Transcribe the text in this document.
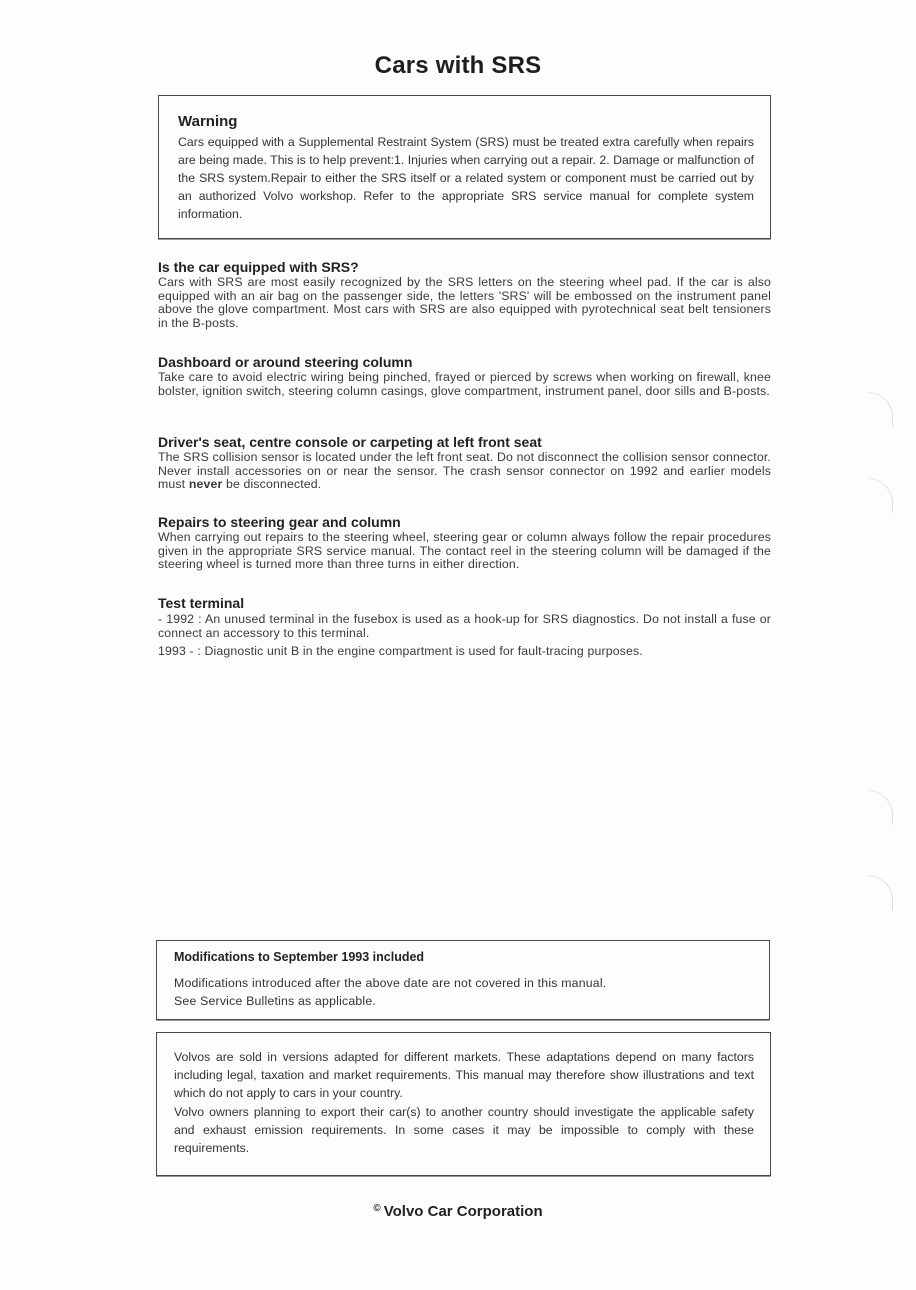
Cars with SRS
Warning
Cars equipped with a Supplemental Restraint System (SRS) must be treated extra carefully when repairs are being made. This is to help prevent:1. Injuries when carrying out a repair. 2. Damage or malfunction of the SRS system.Repair to either the SRS itself or a related system or component must be carried out by an authorized Volvo workshop. Refer to the appropriate SRS service manual for complete system information.
Is the car equipped with SRS?

Cars with SRS are most easily recognized by the SRS letters on the steering wheel pad. If the car is also equipped with an air bag on the passenger side, the letters 'SRS' will be embossed on the instrument panel above the glove compartment. Most cars with SRS are also equipped with pyrotechnical seat belt tensioners in the B-posts.

Dashboard or around steering column

Take care to avoid electric wiring being pinched, frayed or pierced by screws when working on firewall, knee bolster, ignition switch, steering column casings, glove compartment, instrument panel, door sills and B-posts.

Driver's seat, centre console or carpeting at left front seat

The SRS collision sensor is located under the left front seat. Do not disconnect the collision sensor connector. Never install accessories on or near the sensor. The crash sensor connector on 1992 and earlier models must never be disconnected.

Repairs to steering gear and column

When carrying out repairs to the steering wheel, steering gear or column always follow the repair procedures given in the appropriate SRS service manual. The contact reel in the steering column will be damaged if the steering wheel is turned more than three turns in either direction.

Test terminal

- 1992 : An unused terminal in the fusebox is used as a hook-up for SRS diagnostics. Do not install a fuse or connect an accessory to this terminal.

1993 - : Diagnostic unit B in the engine compartment is used for fault-tracing purposes.

Modifications to September 1993 included
Modifications introduced after the above date are not covered in this manual.
See Service Bulletins as applicable.

Volvos are sold in versions adapted for different markets. These adaptations depend on many factors including legal, taxation and market requirements. This manual may therefore show illustrations and text which do not apply to cars in your country.

Volvo owners planning to export their car(s) to another country should investigate the applicable safety and exhaust emission requirements. In some cases it may be impossible to comply with these requirements.

© Volvo Car Corporation
